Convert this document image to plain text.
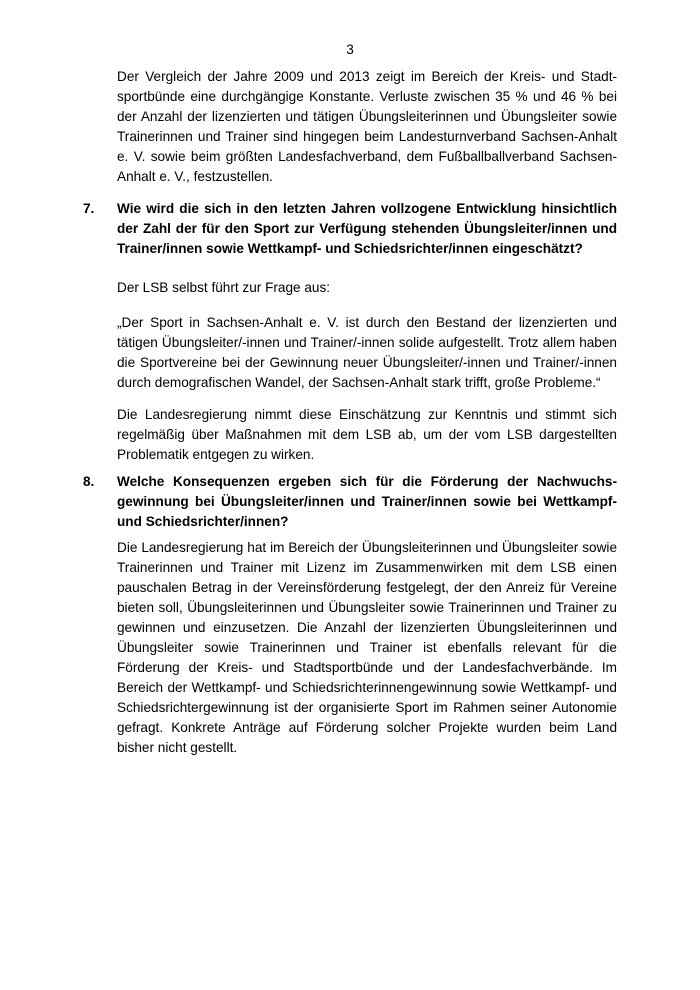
3

Der Vergleich der Jahre 2009 und 2013 zeigt im Bereich der Kreis- und Stadtsportbünde eine durchgängige Konstante. Verluste zwischen 35 % und 46 % bei der Anzahl der lizenzierten und tätigen Übungsleiterinnen und Übungsleiter sowie Trainerinnen und Trainer sind hingegen beim Landesturnverband Sachsen-Anhalt e. V. sowie beim größten Landesfachverband, dem Fußballballverband Sachsen-Anhalt e. V., festzustellen.

7. Wie wird die sich in den letzten Jahren vollzogene Entwicklung hinsichtlich der Zahl der für den Sport zur Verfügung stehenden Übungsleiter/innen und Trainer/innen sowie Wettkampf- und Schiedsrichter/innen eingeschätzt?

Der LSB selbst führt zur Frage aus:

„Der Sport in Sachsen-Anhalt e. V. ist durch den Bestand der lizenzierten und tätigen Übungsleiter/-innen und Trainer/-innen solide aufgestellt. Trotz allem haben die Sportvereine bei der Gewinnung neuer Übungsleiter/-innen und Trainer/-innen durch demografischen Wandel, der Sachsen-Anhalt stark trifft, große Probleme.“

Die Landesregierung nimmt diese Einschätzung zur Kenntnis und stimmt sich regelmäßig über Maßnahmen mit dem LSB ab, um der vom LSB dargestellten Problematik entgegen zu wirken.

8. Welche Konsequenzen ergeben sich für die Förderung der Nachwuchsgewinnung bei Übungsleiter/innen und Trainer/innen sowie bei Wettkampf- und Schiedsrichter/innen?

Die Landesregierung hat im Bereich der Übungsleiterinnen und Übungsleiter sowie Trainerinnen und Trainer mit Lizenz im Zusammenwirken mit dem LSB einen pauschalen Betrag in der Vereinsförderung festgelegt, der den Anreiz für Vereine bieten soll, Übungsleiterinnen und Übungsleiter sowie Trainerinnen und Trainer zu gewinnen und einzusetzen. Die Anzahl der lizenzierten Übungsleiterinnen und Übungsleiter sowie Trainerinnen und Trainer ist ebenfalls relevant für die Förderung der Kreis- und Stadtsportbünde und der Landesfachverbände. Im Bereich der Wettkampf- und Schiedsrichterinnengewinnung sowie Wettkampf- und Schiedsrichtergewinnung ist der organisierte Sport im Rahmen seiner Autonomie gefragt. Konkrete Anträge auf Förderung solcher Projekte wurden beim Land bisher nicht gestellt.
